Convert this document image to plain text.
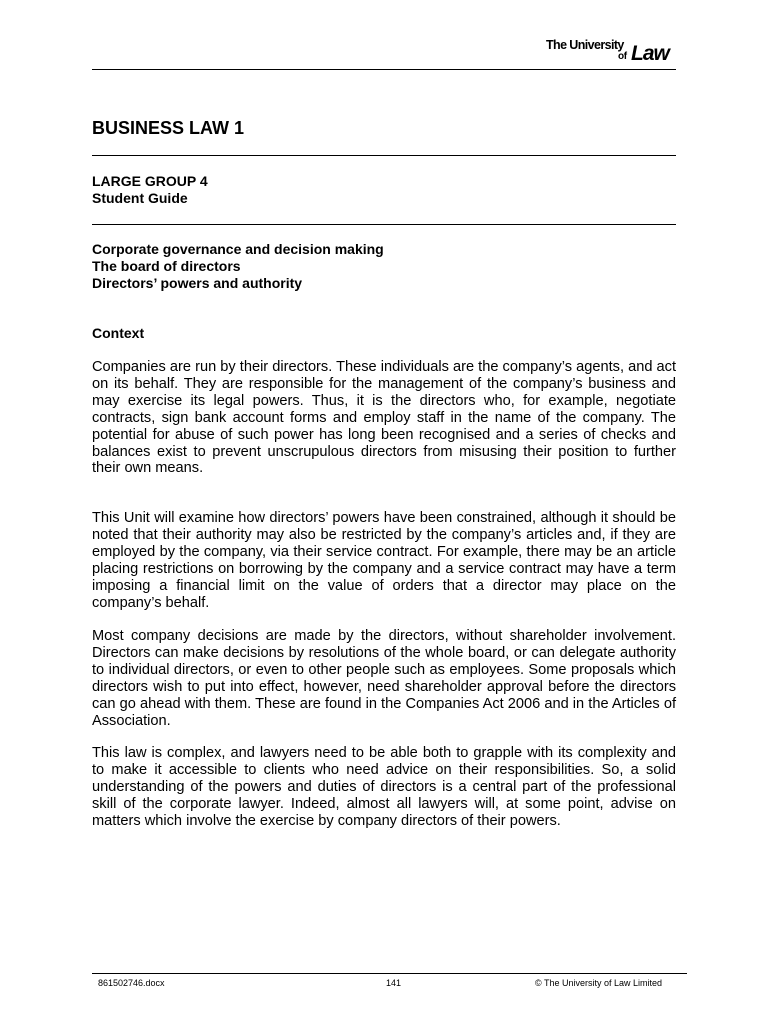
The University
of Law
BUSINESS LAW 1
LARGE GROUP 4
Student Guide
Corporate governance and decision making
The board of directors
Directors’ powers and authority
Context

Companies are run by their directors. These individuals are the company’s agents, and act on its behalf. They are responsible for the management of the company’s business and may exercise its legal powers. Thus, it is the directors who, for example, negotiate contracts, sign bank account forms and employ staff in the name of the company. The potential for abuse of such power has long been recognised and a series of checks and balances exist to prevent unscrupulous directors from misusing their position to further their own means.

This Unit will examine how directors’ powers have been constrained, although it should be noted that their authority may also be restricted by the company’s articles and, if they are employed by the company, via their service contract. For example, there may be an article placing restrictions on borrowing by the company and a service contract may have a term imposing a financial limit on the value of orders that a director may place on the company’s behalf.

Most company decisions are made by the directors, without shareholder involvement. Directors can make decisions by resolutions of the whole board, or can delegate authority to individual directors, or even to other people such as employees. Some proposals which directors wish to put into effect, however, need shareholder approval before the directors can go ahead with them. These are found in the Companies Act 2006 and in the Articles of Association.

This law is complex, and lawyers need to be able both to grapple with its complexity and to make it accessible to clients who need advice on their responsibilities. So, a solid understanding of the powers and duties of directors is a central part of the professional skill of the corporate lawyer. Indeed, almost all lawyers will, at some point, advise on matters which involve the exercise by company directors of their powers.

861502746.docx	141	© The University of Law Limited
